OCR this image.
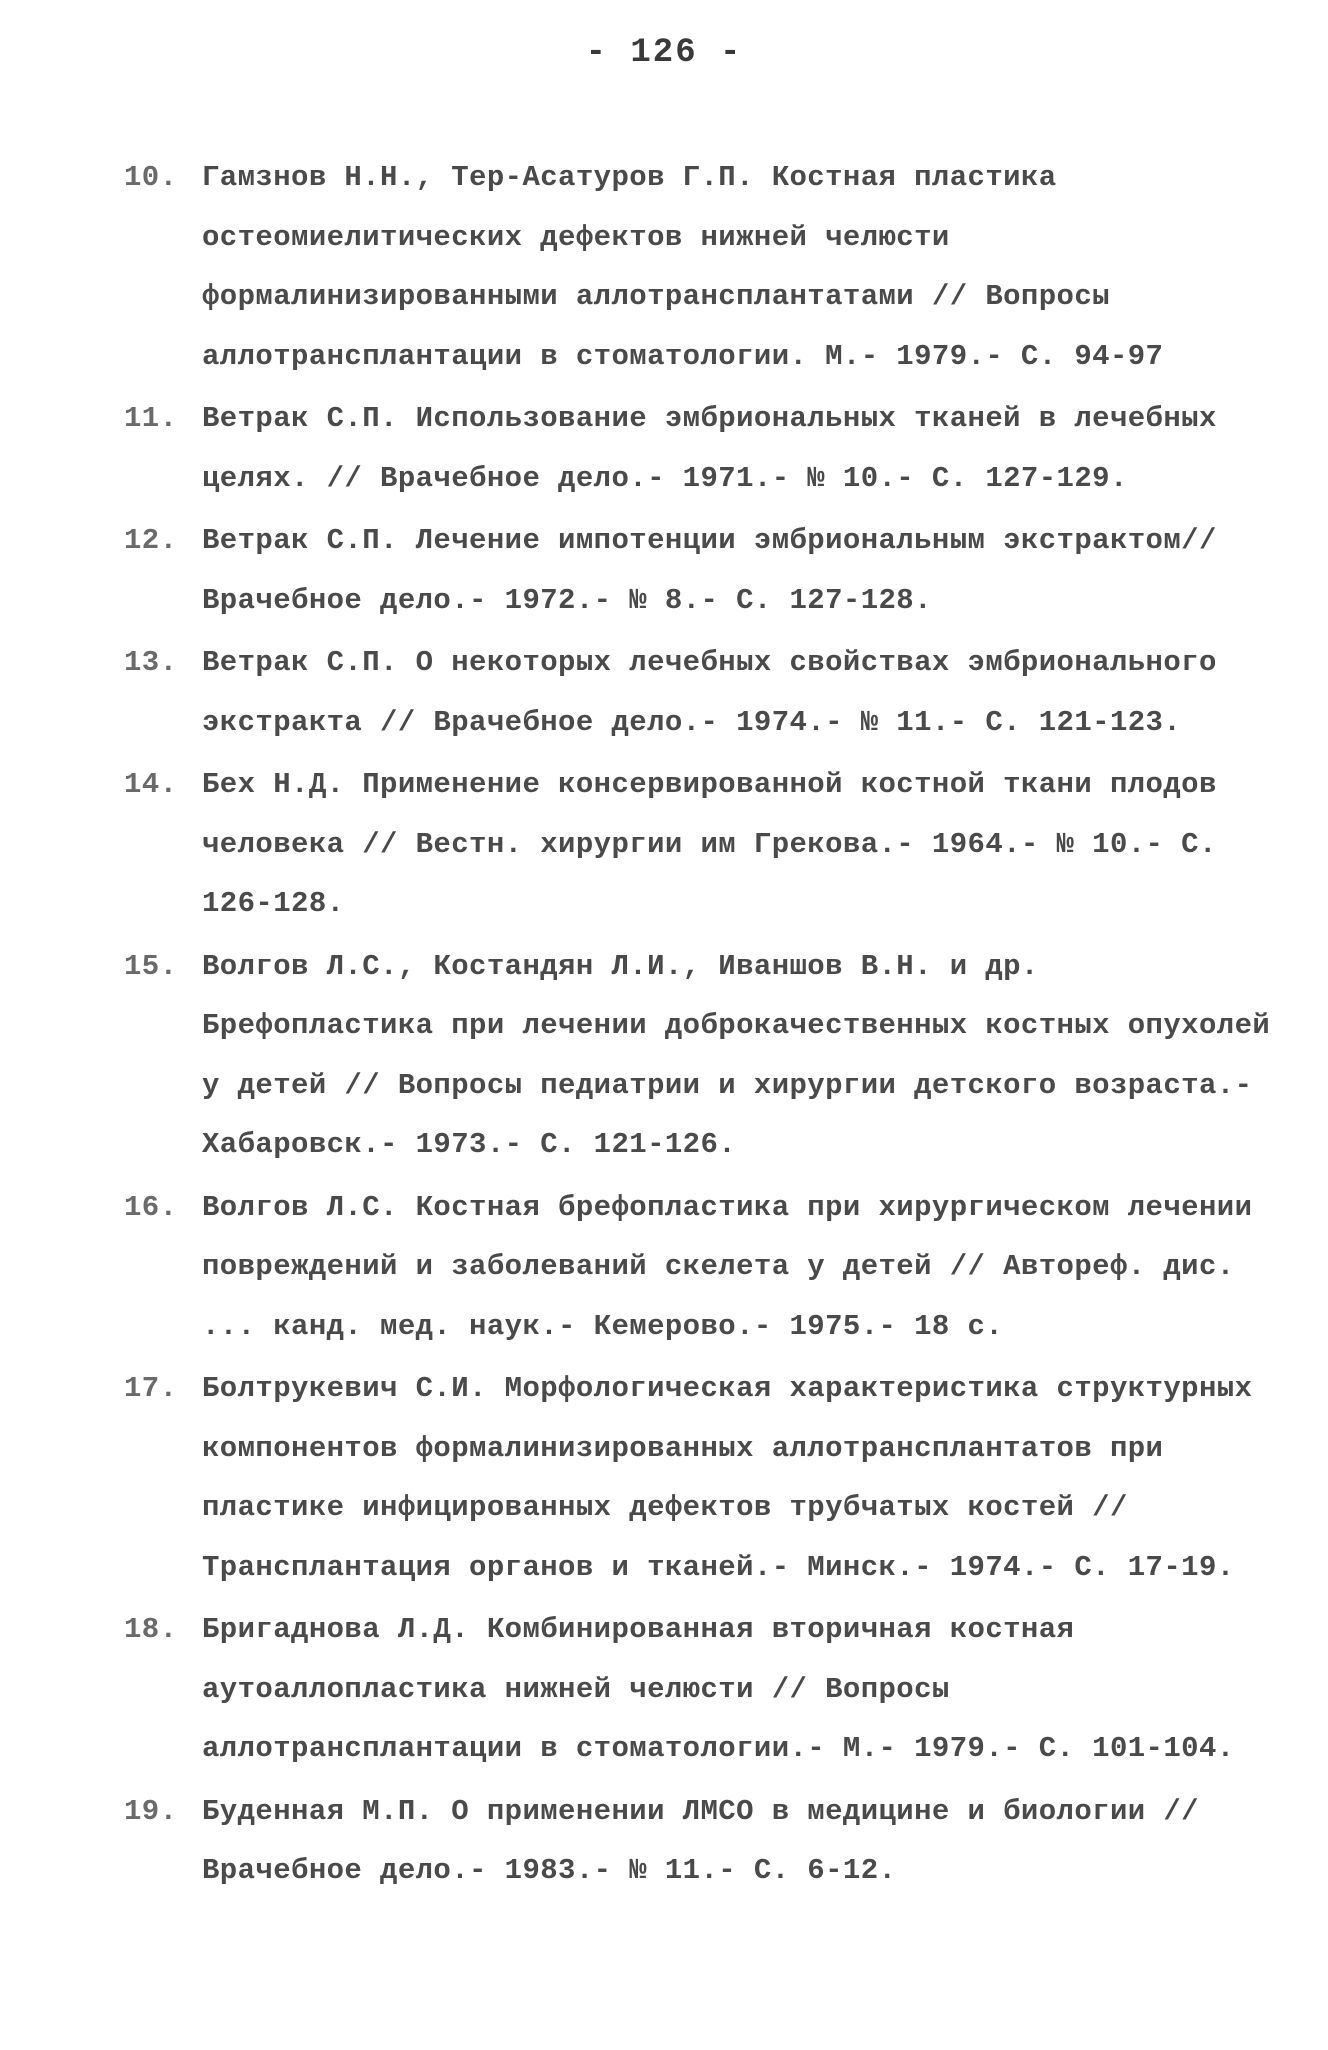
- 126 -
10. Гамзнов Н.Н., Тер-Асатуров Г.П. Костная пластика остеомиелитических дефектов нижней челюсти формалинизированными аллотрансплантатами // Вопросы аллотрансплантации в стоматологии. М.- 1979.- С. 94-97
11. Ветрак С.П. Использование эмбриональных тканей в лечебных целях. // Врачебное дело.- 1971.- № 10.- С. 127-129.
12. Ветрак С.П. Лечение импотенции эмбриональным экстрактом// Врачебное дело.- 1972.- № 8.- С. 127-128.
13. Ветрак С.П. О некоторых лечебных свойствах эмбрионального экстракта // Врачебное дело.- 1974.- № 11.- С. 121-123.
14. Бех Н.Д. Применение консервированной костной ткани плодов человека // Вестн. хирургии им Грекова.- 1964.- № 10.- С. 126-128.
15. Волгов Л.С., Костандян Л.И., Иваншов В.Н. и др. Брефопластика при лечении доброкачественных костных опухолей у детей // Вопросы педиатрии и хирургии детского возраста.- Хабаровск.- 1973.- С. 121-126.
16. Волгов Л.С. Костная брефопластика при хирургическом лечении повреждений и заболеваний скелета у детей // Автореф. дис. ... канд. мед. наук.- Кемерово.- 1975.- 18 с.
17. Болтрукевич С.И. Морфологическая характеристика структурных компонентов формалинизированных аллотрансплантатов при пластике инфицированных дефектов трубчатых костей // Трансплантация органов и тканей.- Минск.- 1974.- С. 17-19.
18. Бригаднова Л.Д. Комбинированная вторичная костная аутоаллопластика нижней челюсти // Вопросы аллотрансплантации в стоматологии.- М.- 1979.- С. 101-104.
19. Буденная М.П. О применении ЛМСО в медицине и биологии // Врачебное дело.- 1983.- № 11.- С. 6-12.
